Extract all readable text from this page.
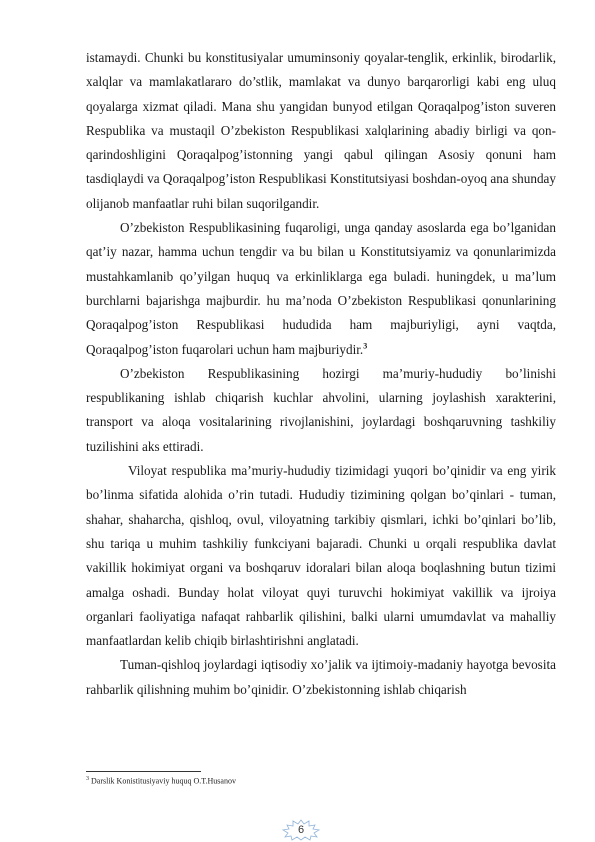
istamaydi. Chunki bu konstitusiyalar umuminsoniy qoyalar-tenglik, erkinlik, birodarlik, xalqlar va mamlakatlararo do’stlik, mamlakat va dunyo barqarorligi kabi eng uluq qoyalarga xizmat qiladi. Mana shu yangidan bunyod etilgan Qoraqalpog’iston suveren Respublika va mustaqil O’zbekiston Respublikasi xalqlarining abadiy birligi va qon-qarindoshligini Qoraqalpog’istonning yangi qabul qilingan Asosiy qonuni ham tasdiqlaydi va Qoraqalpog’iston Respublikasi Konstitutsiyasi boshdan-oyoq ana shunday olijanob manfaatlar ruhi bilan suqorilgandir.

O’zbekiston Respublikasining fuqaroligi, unga qanday asoslarda ega bo’lganidan qat’iy nazar, hamma uchun tengdir va bu bilan u Konstitutsiyamiz va qonunlarimizda mustahkamlanib qo’yilgan huquq va erkinliklarga ega buladi. huningdek, u ma’lum burchlarni bajarishga majburdir. hu ma’noda O’zbekiston Respublikasi qonunlarining Qoraqalpog’iston Respublikasi hududida ham majburiyligi, ayni vaqtda, Qoraqalpog’iston fuqarolari uchun ham majburiydir.$^3$

O’zbekiston Respublikasining hozirgi ma’muriy-hududiy bo’linishi respublikaning ishlab chiqarish kuchlar ahvolini, ularning joylashish xarakterini, transport va aloqa vositalarining rivojlanishini, joylardagi boshqaruvning tashkiliy tuzilishini aks ettiradi.

Viloyat respublika ma’muriy-hududiy tizimidagi yuqori bo’qinidir va eng yirik bo’linma sifatida alohida o’rin tutadi. Hududiy tizimining qolgan bo’qinlari - tuman, shahar, shaharcha, qishloq, ovul, viloyatning tarkibiy qismlari, ichki bo’qinlari bo’lib, shu tariqa u muhim tashkiliy funkciyani bajaradi. Chunki u orqali respublika davlat vakillik hokimiyat organi va boshqaruv idoralari bilan aloqa boqlashning butun tizimi amalga oshadi. Bunday holat viloyat quyi turuvchi hokimiyat vakillik va ijroiya organlari faoliyatiga nafaqat rahbarlik qilishini, balki ularni umumdavlat va mahalliy manfaatlardan kelib chiqib birlashtirishni anglatadi.

Tuman-qishloq joylardagi iqtisodiy xo’jalik va ijtimoiy-madaniy hayotga bevosita rahbarlik qilishning muhim bo’qinidir. O’zbekistonning ishlab chiqarish

$^3$ Darslik Konistitusiyaviy huquq O.T.Husanov
6
